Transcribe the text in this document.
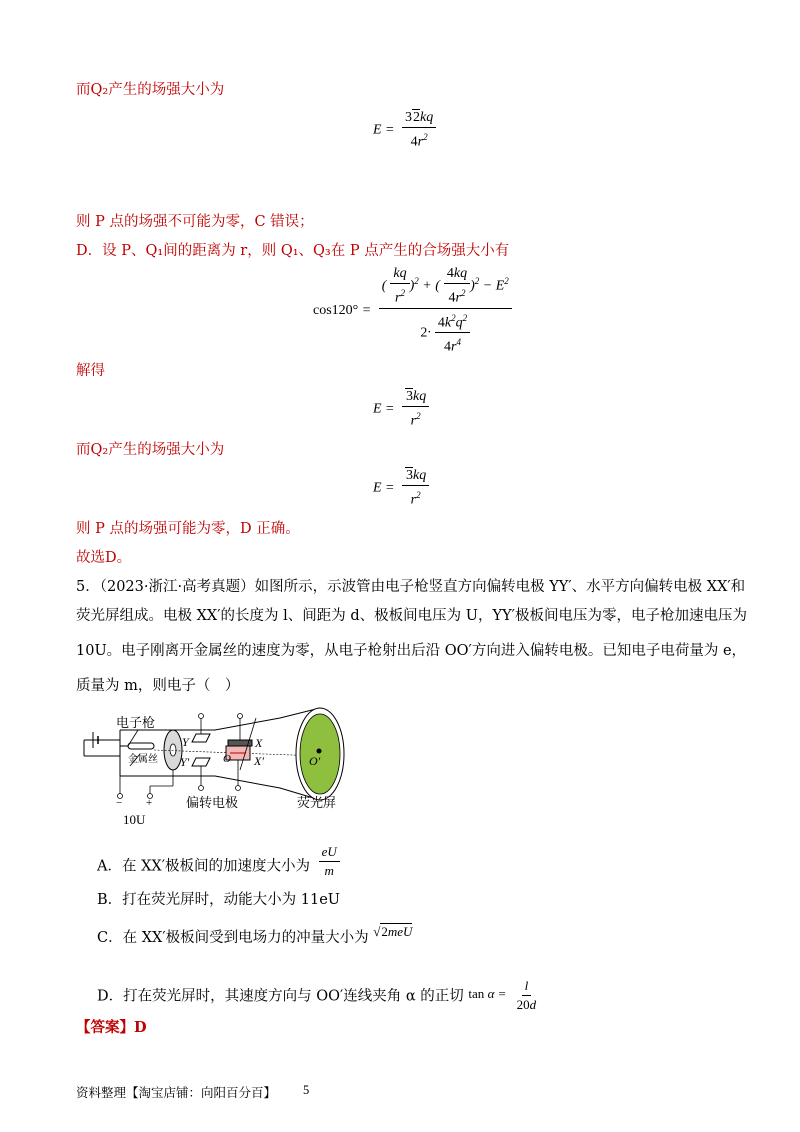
而Q₂产生的场强大小为
$E = \frac{32kq}{4r^2}$
则 P 点的场强不可能为零，C 错误；
D．设 P、Q₁间的距离为 r，则 Q₁、Q₃在 P 点产生的合场强大小有
$\cos 120^\circ = \frac{( \frac{kq}{r^2} )^2 + ( \frac{4kq}{4r^2} )^2 - E^2}{2\cdot \frac{4k^2q^2}{4r^4}}$
解得
$E = \frac{3kq}{r^2}$
而Q₂产生的场强大小为
$E = \frac{3kq}{r^2}$
则 P 点的场强可能为零，D 正确。
故选D。
5．（2023·浙江·高考真题）如图所示，示波管由电子枪竖直方向偏转电极 YY′、水平方向偏转电极 XX′和
荧光屏组成。电极 XX′的长度为 l、间距为 d、极板间电压为 U，YY′极板间电压为零，电子枪加速电压为
10U。电子刚离开金属丝的速度为零，从电子枪射出后沿 OO′方向进入偏转电极。已知电子电荷量为 e，
质量为 m，则电子（　）
电子枪
金属丝
Y
Y′
X
X′
O	O′
偏转电极	荧光屏
− +
10U
A．在 XX′极板间的加速度大小为 $\frac{eU}{m}$
B．打在荧光屏时，动能大小为 11eU
C．在 XX′极板间受到电场力的冲量大小为 √2meU
D．打在荧光屏时，其速度方向与 OO′连线夹角 α 的正切 $\tan \alpha = \frac{l}{20d}$
【答案】D
资料整理【淘宝店铺：向阳百分百】 5
